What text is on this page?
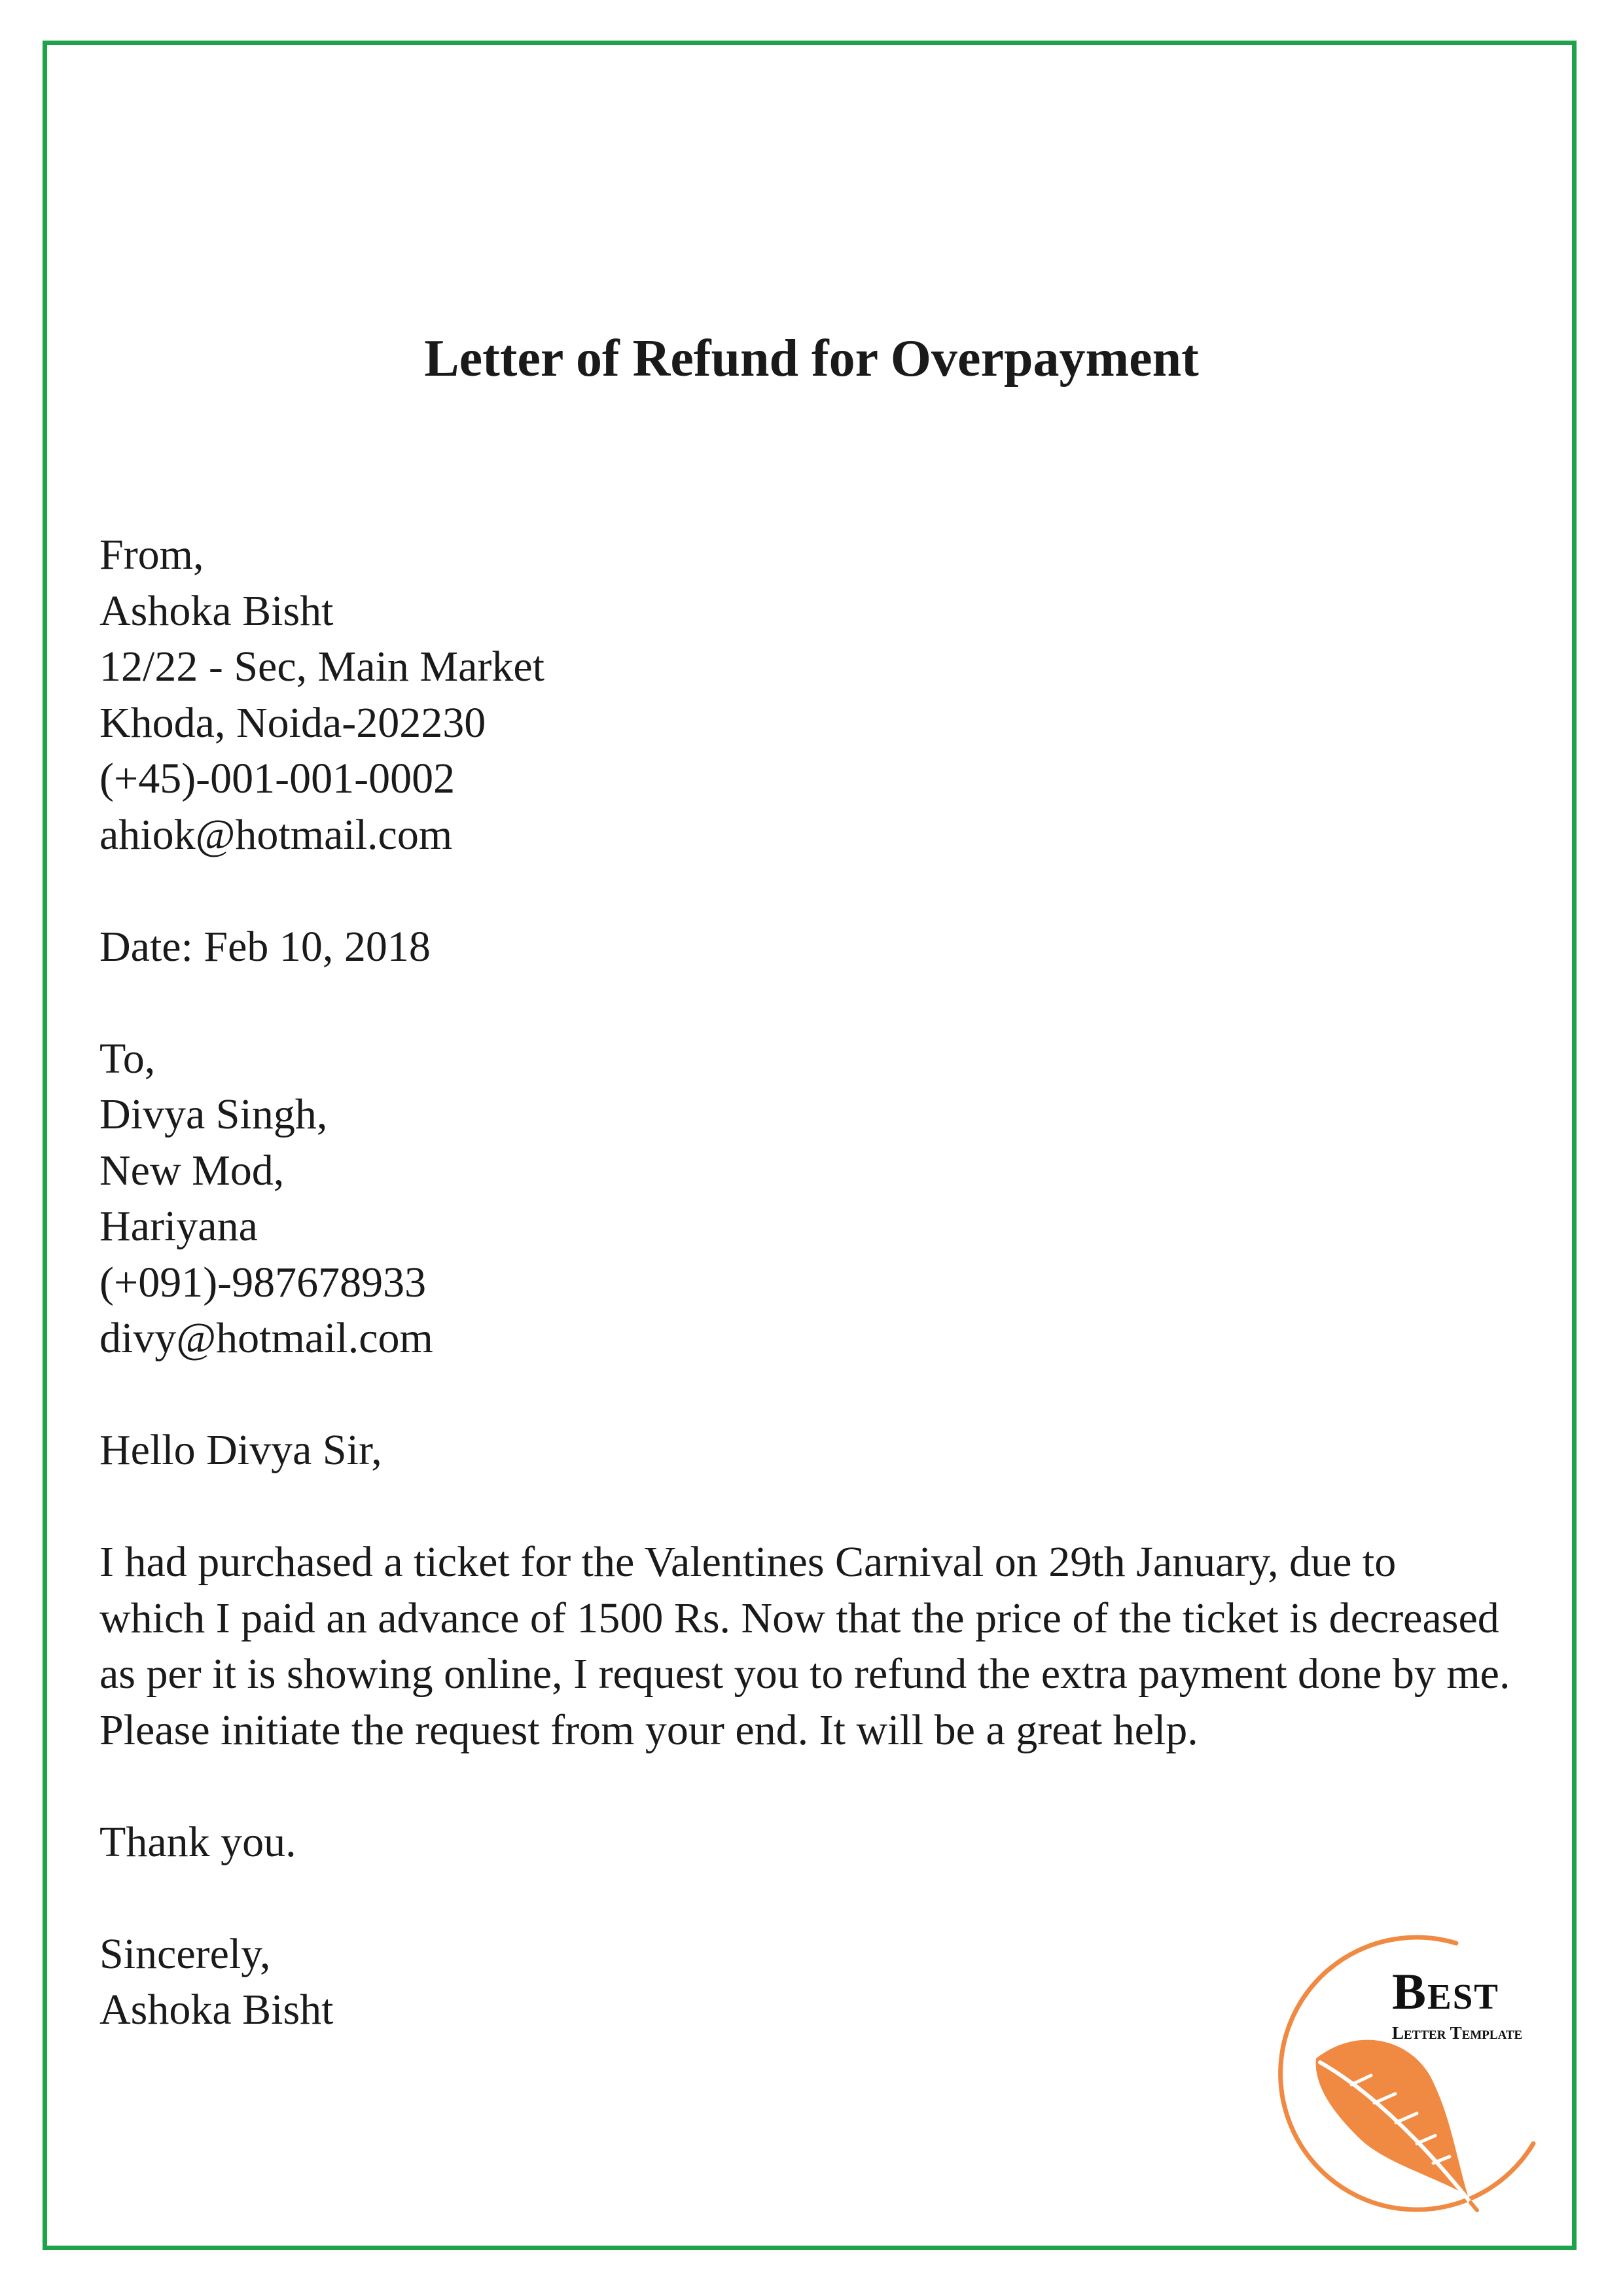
Letter of Refund for Overpayment
From,
Ashoka Bisht
12/22 - Sec, Main Market
Khoda, Noida-202230
(+45)-001-001-0002
ahiok@hotmail.com
Date: Feb 10, 2018
To,
Divya Singh,
New Mod,
Hariyana
(+091)-987678933
divy@hotmail.com
Hello Divya Sir,
I had purchased a ticket for the Valentines Carnival on 29th January, due to
which I paid an advance of 1500 Rs. Now that the price of the ticket is decreased
as per it is showing online, I request you to refund the extra payment done by me.
Please initiate the request from your end. It will be a great help.
Thank you.
Sincerely,
Ashoka Bisht	Best
Letter Template
